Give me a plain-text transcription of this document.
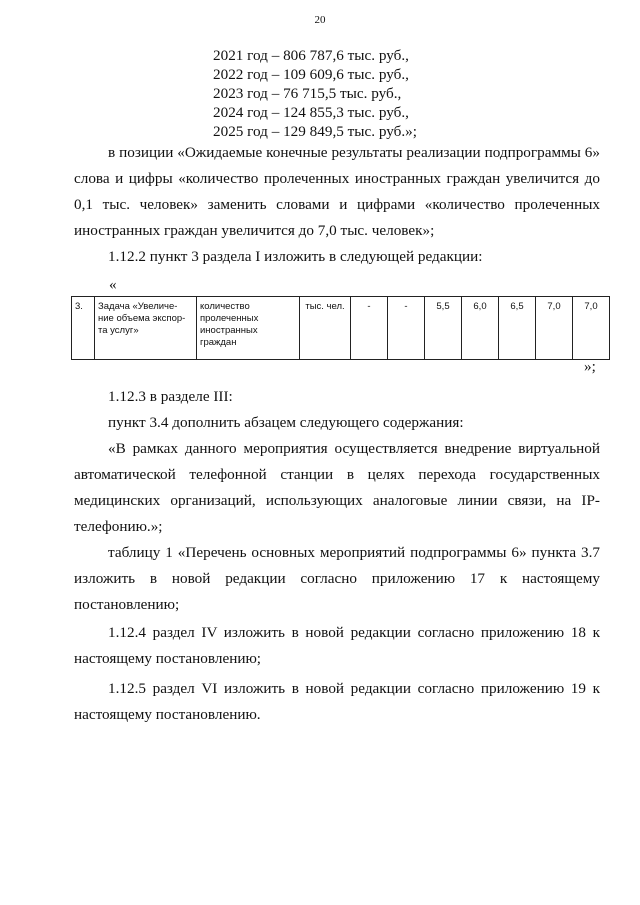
20
2021 год – 806 787,6 тыс. руб.,
2022 год – 109 609,6 тыс. руб.,
2023 год – 76 715,5 тыс. руб.,
2024 год – 124 855,3 тыс. руб.,
2025 год – 129 849,5 тыс. руб.»;
в позиции «Ожидаемые конечные результаты реализации подпрограммы 6» слова и цифры «количество пролеченных иностранных граждан увеличится до 0,1 тыс. человек» заменить словами и цифрами «количество пролеченных иностранных граждан увеличится до 7,0 тыс. человек»;
1.12.2 пункт 3 раздела I изложить в следующей редакции:
«
3.	Задача «Увеличе-ние объема экспор-та услуг»	количество пролеченных иностранных граждан	тыс. чел.	-	-	5,5	6,0	6,5	7,0	7,0
»;
1.12.3 в разделе III:
пункт 3.4 дополнить абзацем следующего содержания:
«В рамках данного мероприятия осуществляется внедрение виртуальной автоматической телефонной станции в целях перехода государственных медицинских организаций, использующих аналоговые линии связи, на IP-телефонию.»;
таблицу 1 «Перечень основных мероприятий подпрограммы 6» пункта 3.7 изложить в новой редакции согласно приложению 17 к настоящему постановлению;
1.12.4 раздел IV изложить в новой редакции согласно приложению 18 к настоящему постановлению;
1.12.5 раздел VI изложить в новой редакции согласно приложению 19 к настоящему постановлению.
